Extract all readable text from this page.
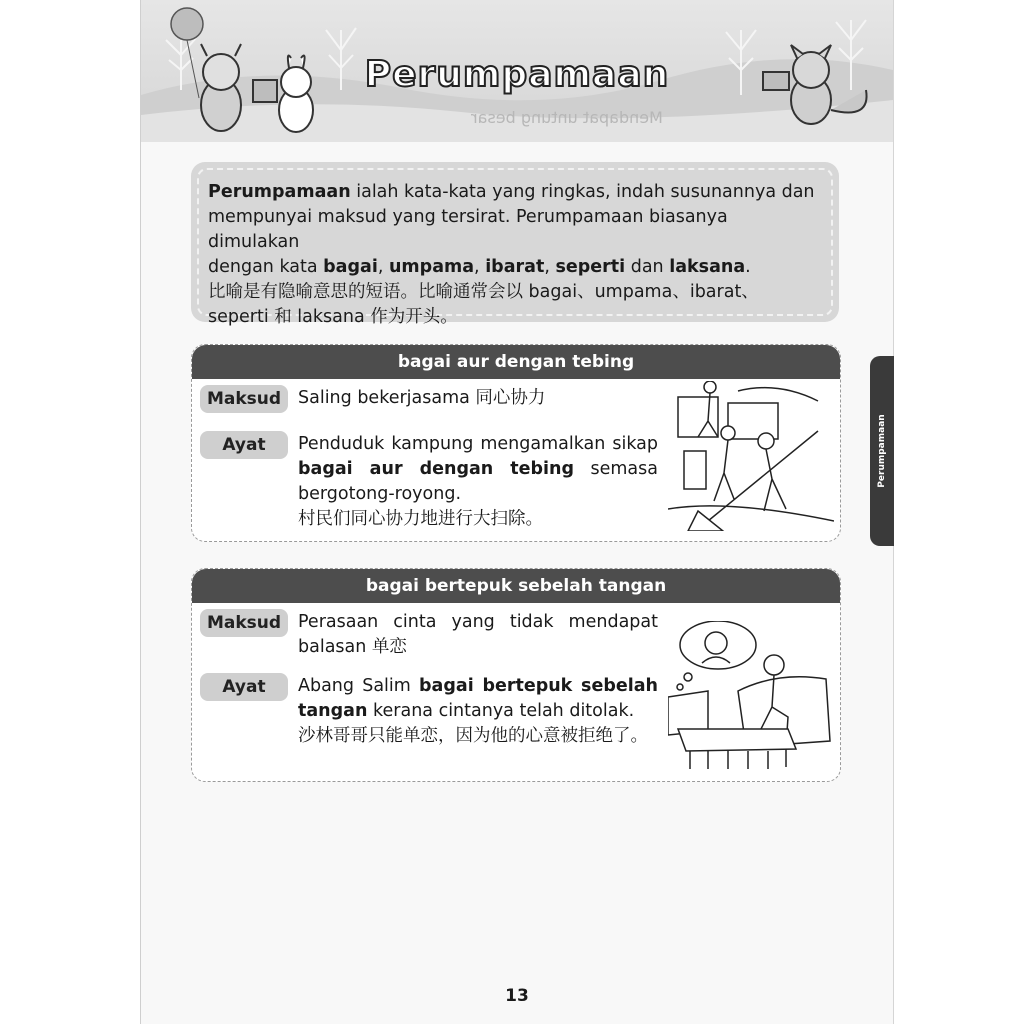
Mendapat untung besar
Perumpamaan
Perumpamaan ialah kata-kata yang ringkas, indah susunannya dan
mempunyai maksud yang tersirat. Perumpamaan biasanya dimulakan
dengan kata bagai, umpama, ibarat, seperti dan laksana.
比喻是有隐喻意思的短语。比喻通常会以 bagai、umpama、ibarat、
seperti 和 laksana 作为开头。
bagai aur dengan tebing
Maksud Saling bekerjasama 同心协力
Ayat	Penduduk kampung mengamalkan sikap bagai aur dengan tebing semasa bergotong-royong.
村民们同心协力地进行大扫除。
bagai bertepuk sebelah tangan
Maksud Perasaan cinta yang tidak mendapat balasan 单恋
Ayat	Abang Salim bagai bertepuk sebelah tangan kerana cintanya telah ditolak.
沙林哥哥只能单恋，因为他的心意被拒绝了。
13
Perumpamaan
